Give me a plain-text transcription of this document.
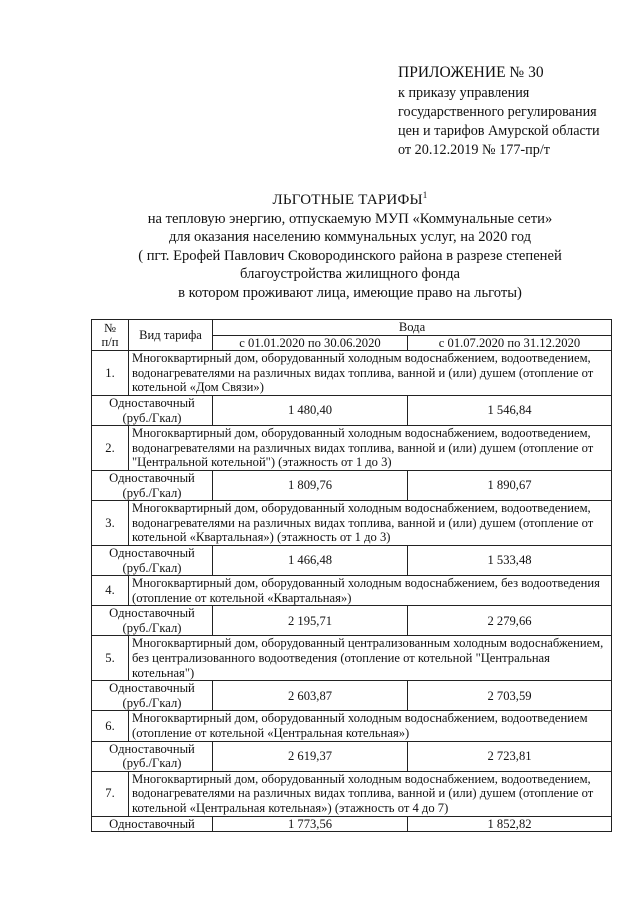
ПРИЛОЖЕНИЕ № 30
к приказу управления
государственного регулирования
цен и тарифов Амурской области
от 20.12.2019 № 177-пр/т
ЛЬГОТНЫЕ ТАРИФЫ$^1$
на тепловую энергию, отпускаемую МУП «Коммунальные сети»
для оказания населению коммунальных услуг, на 2020 год
( пгт. Ерофей Павлович Сковородинского района в разрезе степеней
благоустройства жилищного фонда
в котором проживают лица, имеющие право на льготы)
№
п/п	Вид тарифа	Вода	
		с 01.01.2020 по 30.06.2020	с 01.07.2020 по 31.12.2020
1.	Многоквартирный дом, оборудованный холодным водоснабжением, водоотведением, водонагревателями на различных видах топлива, ванной и (или) душем (отопление от котельной «Дом Связи»)		
Одноставочный (руб./Гкал)		1 480,40	1 546,84
2.	Многоквартирный дом, оборудованный холодным водоснабжением, водоотведением, водонагревателями на различных видах топлива, ванной и (или) душем (отопление от "Центральной котельной") (этажность от 1 до 3)		
Одноставочный (руб./Гкал)		1 809,76	1 890,67
3.	Многоквартирный дом, оборудованный холодным водоснабжением, водоотведением, водонагревателями на различных видах топлива, ванной и (или) душем (отопление от котельной «Квартальная») (этажность от 1 до 3)		
Одноставочный (руб./Гкал)		1 466,48	1 533,48
4.	Многоквартирный дом, оборудованный холодным водоснабжением, без водоотведения (отопление от котельной «Квартальная»)		
Одноставочный (руб./Гкал)		2 195,71	2 279,66
5.	Многоквартирный дом, оборудованный централизованным холодным водоснабжением, без централизованного водоотведения (отопление от котельной "Центральная котельная")		
Одноставочный (руб./Гкал)		2 603,87	2 703,59
6.	Многоквартирный дом, оборудованный холодным водоснабжением, водоотведением (отопление от котельной «Центральная котельная»)		
Одноставочный (руб./Гкал)		2 619,37	2 723,81
7.	Многоквартирный дом, оборудованный холодным водоснабжением, водоотведением, водонагревателями на различных видах топлива, ванной и (или) душем (отопление от котельной «Центральная котельная») (этажность от 4 до 7)		
Одноставочный		1 773,56	1 852,82
